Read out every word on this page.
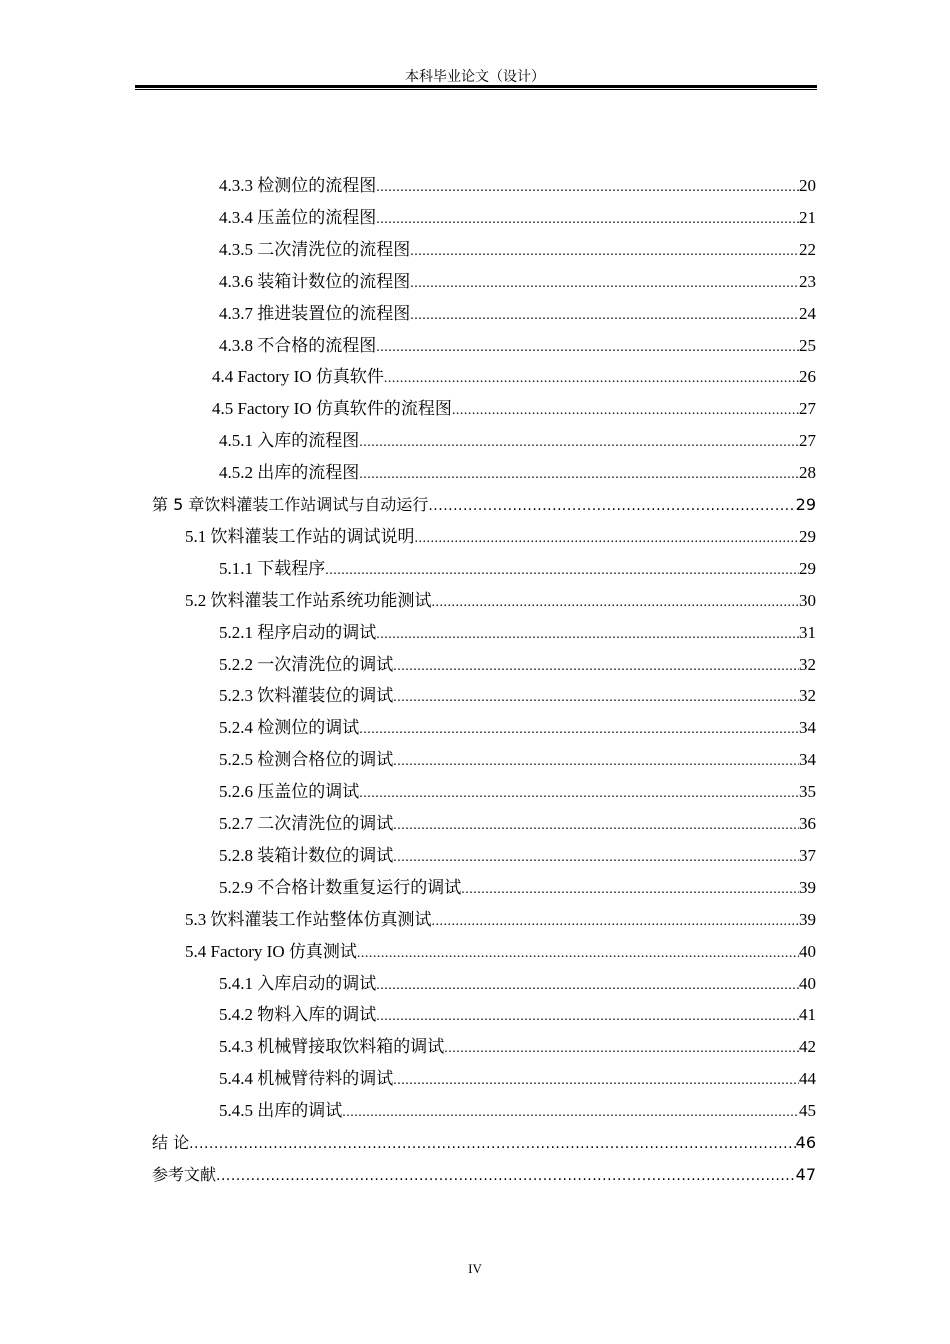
本科毕业论文（设计）
4.3.3 检测位的流程图 .....	20
4.3.4 压盖位的流程图 .....	21
4.3.5 二次清洗位的流程图 .....	22
4.3.6 装箱计数位的流程图 .....	23
4.3.7 推进装置位的流程图 .....	24
4.3.8 不合格的流程图 .....	25
4.4 Factory IO 仿真软件 .....	26
4.5 Factory IO 仿真软件的流程图 .....	27
4.5.1 入库的流程图 .....	27
4.5.2 出库的流程图 .....	28
第 5 章饮料灌装工作站调试与自动运行 .....	29
5.1 饮料灌装工作站的调试说明 .....	29
5.1.1 下载程序 .....	29
5.2 饮料灌装工作站系统功能测试 .....	30
5.2.1 程序启动的调试 .....	31
5.2.2 一次清洗位的调试 .....	32
5.2.3 饮料灌装位的调试 .....	32
5.2.4 检测位的调试 .....	34
5.2.5 检测合格位的调试 .....	34
5.2.6 压盖位的调试 .....	35
5.2.7 二次清洗位的调试 .....	36
5.2.8 装箱计数位的调试 .....	37
5.2.9 不合格计数重复运行的调试 .....	39
5.3 饮料灌装工作站整体仿真测试 .....	39
5.4 Factory IO 仿真测试 .....	40
5.4.1 入库启动的调试 .....	40
5.4.2 物料入库的调试 .....	41
5.4.3 机械臂接取饮料箱的调试 .....	42
5.4.4 机械臂待料的调试 .....	44
5.4.5 出库的调试 .....	45
结 论 .....	46
参考文献 .....	47
IV
